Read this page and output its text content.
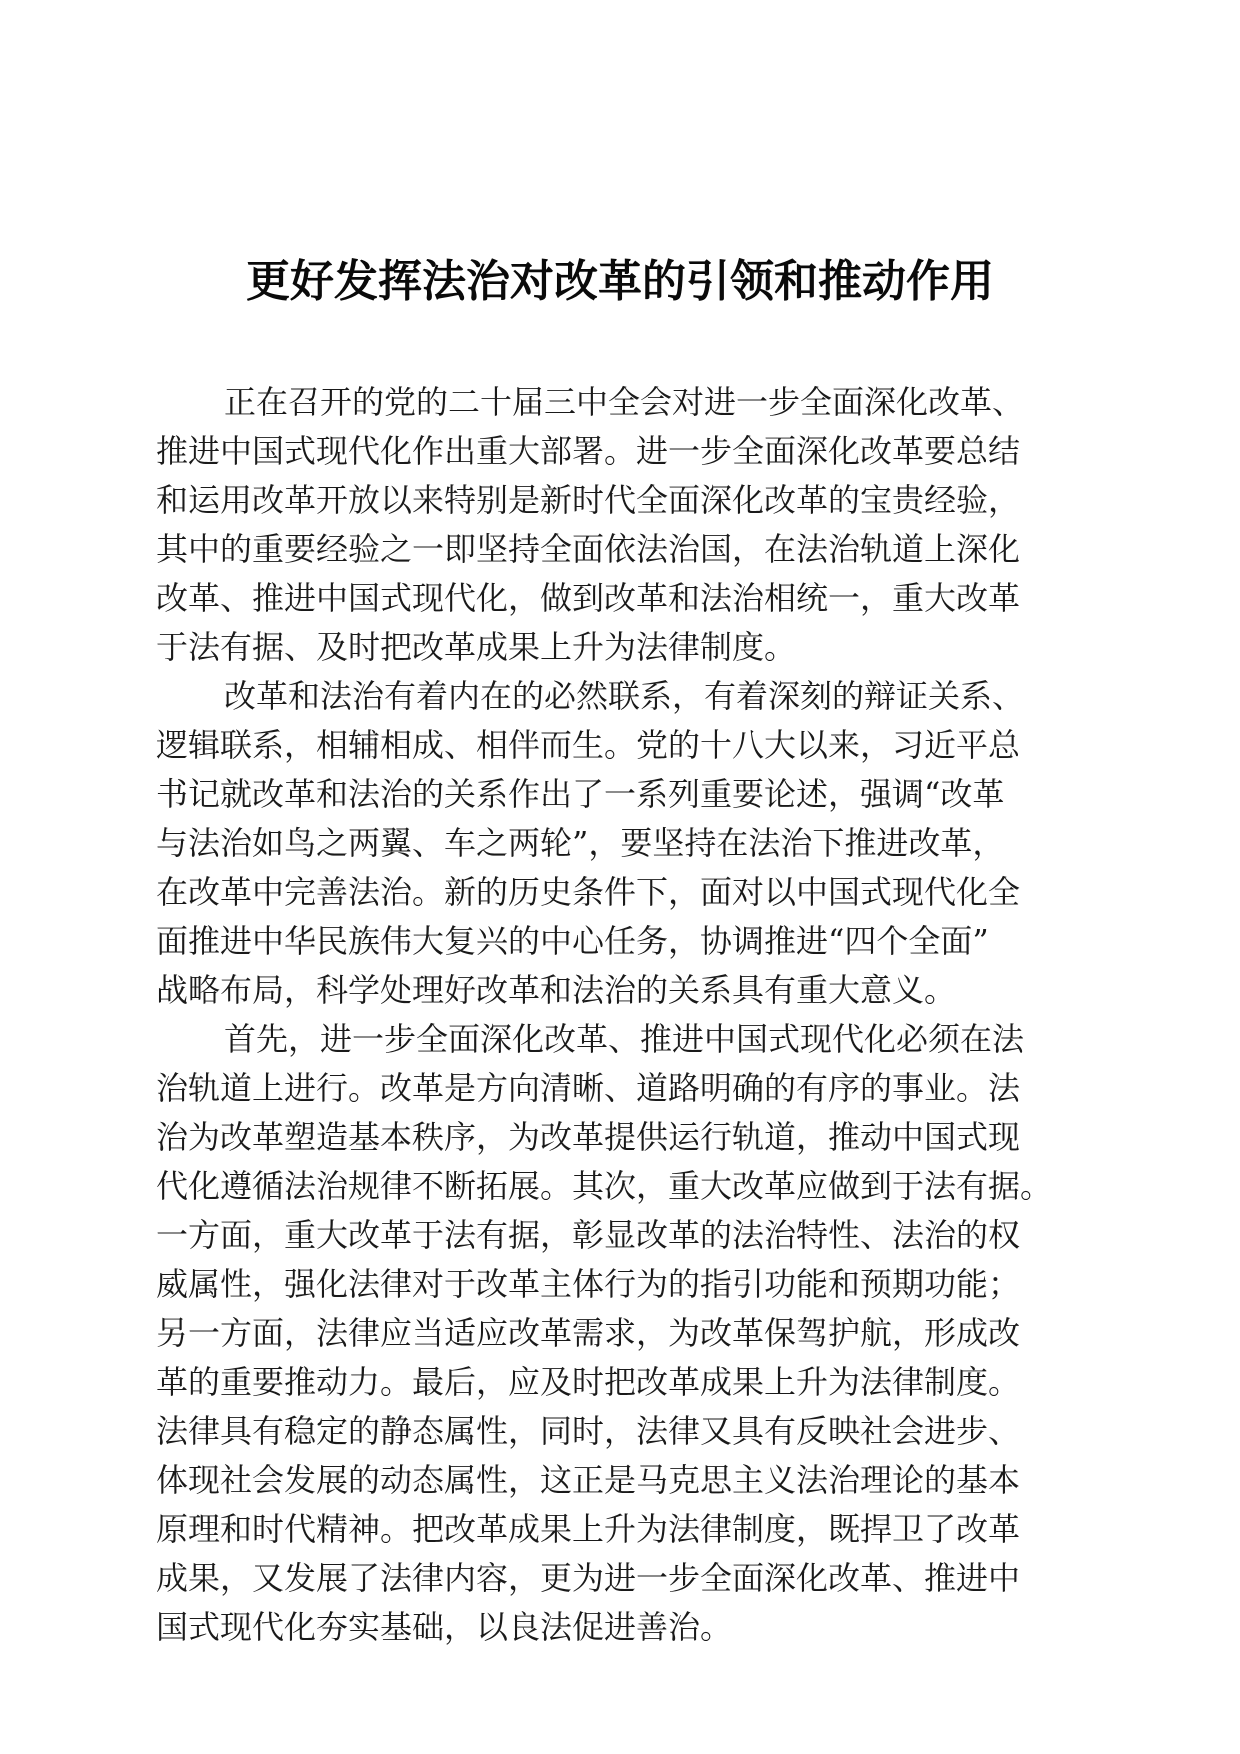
更好发挥法治对改革的引领和推动作用
正在召开的党的二十届三中全会对进一步全面深化改革、
推进中国式现代化作出重大部署。进一步全面深化改革要总结
和运用改革开放以来特别是新时代全面深化改革的宝贵经验，
其中的重要经验之一即坚持全面依法治国，在法治轨道上深化
改革、推进中国式现代化，做到改革和法治相统一，重大改革
于法有据、及时把改革成果上升为法律制度。
改革和法治有着内在的必然联系，有着深刻的辩证关系、
逻辑联系，相辅相成、相伴而生。党的十八大以来，习近平总
书记就改革和法治的关系作出了一系列重要论述，强调“改革
与法治如鸟之两翼、车之两轮”，要坚持在法治下推进改革，
在改革中完善法治。新的历史条件下，面对以中国式现代化全
面推进中华民族伟大复兴的中心任务，协调推进“四个全面”
战略布局，科学处理好改革和法治的关系具有重大意义。
首先，进一步全面深化改革、推进中国式现代化必须在法
治轨道上进行。改革是方向清晰、道路明确的有序的事业。法
治为改革塑造基本秩序，为改革提供运行轨道，推动中国式现
代化遵循法治规律不断拓展。其次，重大改革应做到于法有据。
一方面，重大改革于法有据，彰显改革的法治特性、法治的权
威属性，强化法律对于改革主体行为的指引功能和预期功能；
另一方面，法律应当适应改革需求，为改革保驾护航，形成改
革的重要推动力。最后，应及时把改革成果上升为法律制度。
法律具有稳定的静态属性，同时，法律又具有反映社会进步、
体现社会发展的动态属性，这正是马克思主义法治理论的基本
原理和时代精神。把改革成果上升为法律制度，既捍卫了改革
成果，又发展了法律内容，更为进一步全面深化改革、推进中
国式现代化夯实基础，以良法促进善治。
